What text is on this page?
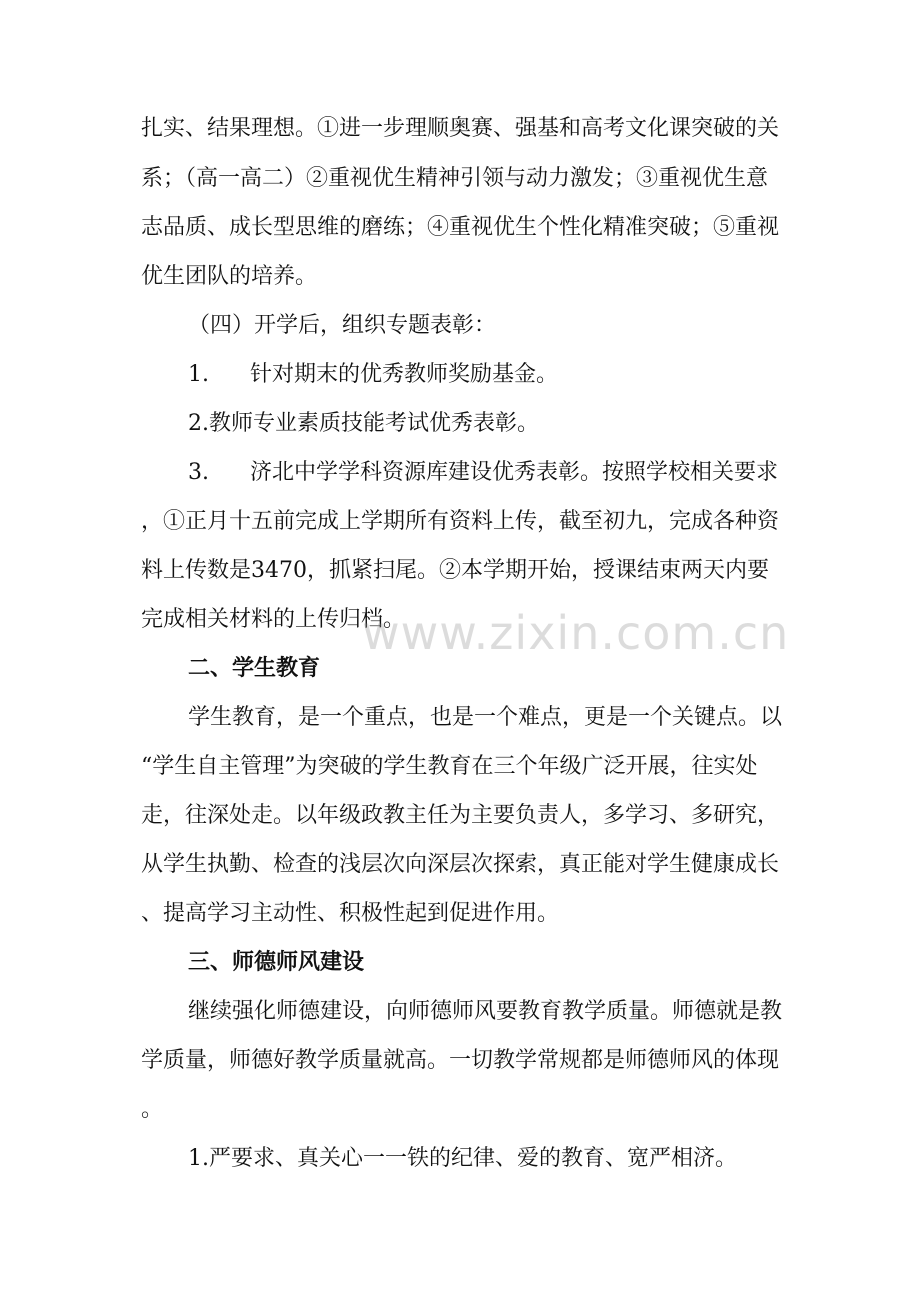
扎实、结果理想。①进一步理顺奥赛、强基和高考文化课突破的关
系；（高一高二）②重视优生精神引领与动力激发；③重视优生意
志品质、成长型思维的磨练；④重视优生个性化精准突破；⑤重视
优生团队的培养。
（四）开学后，组织专题表彰：
1. 针对期末的优秀教师奖励基金。
2.教师专业素质技能考试优秀表彰。
3. 济北中学学科资源库建设优秀表彰。按照学校相关要求
，①正月十五前完成上学期所有资料上传，截至初九，完成各种资
料上传数是3470，抓紧扫尾。②本学期开始，授课结束两天内要
完成相关材料的上传归档。
二、学生教育
学生教育，是一个重点，也是一个难点，更是一个关键点。以
“学生自主管理”为突破的学生教育在三个年级广泛开展，往实处
走，往深处走。以年级政教主任为主要负责人，多学习、多研究，
从学生执勤、检查的浅层次向深层次探索，真正能对学生健康成长
、提高学习主动性、积极性起到促进作用。
三、师德师风建设
继续强化师德建设，向师德师风要教育教学质量。师德就是教
学质量，师德好教学质量就高。一切教学常规都是师德师风的体现
。
1.严要求、真关心一一铁的纪律、爱的教育、宽严相济。
www.zixin.com.cn
